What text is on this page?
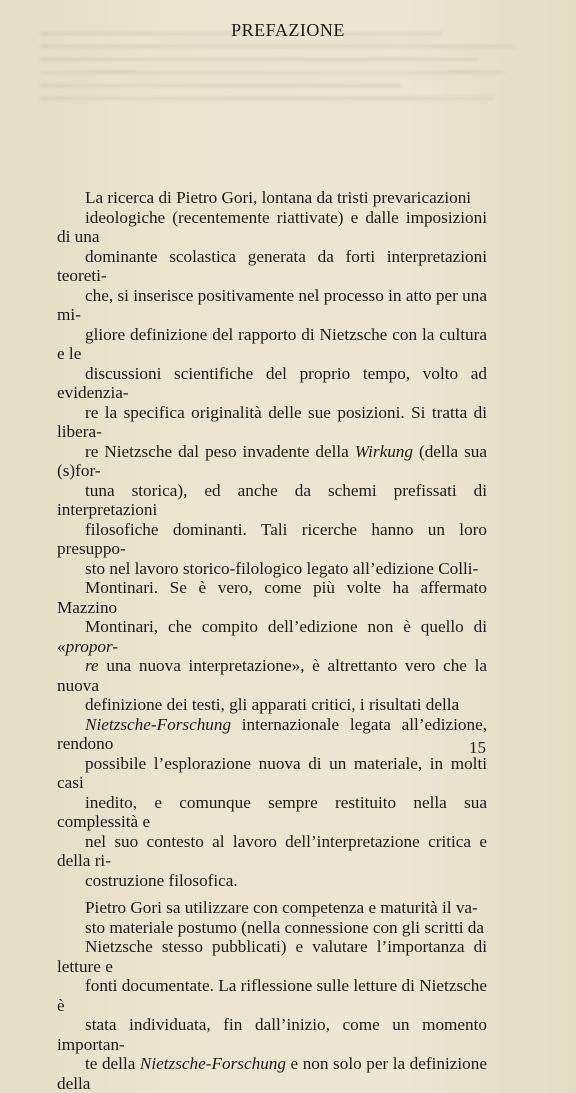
PREFAZIONE

La ricerca di Pietro Gori, lontana da tristi prevaricazioni
ideologiche (recentemente riattivate) e dalle imposizioni di una
dominante scolastica generata da forti interpretazioni teoreti-
che, si inserisce positivamente nel processo in atto per una mi-
gliore definizione del rapporto di Nietzsche con la cultura e le
discussioni scientifiche del proprio tempo, volto ad evidenzia-
re la specifica originalità delle sue posizioni. Si tratta di libera-
re Nietzsche dal peso invadente della Wirkung (della sua (s)for-
tuna storica), ed anche da schemi prefissati di interpretazioni
filosofiche dominanti. Tali ricerche hanno un loro presuppo-
sto nel lavoro storico-filologico legato all’edizione Colli-
Montinari. Se è vero, come più volte ha affermato Mazzino
Montinari, che compito dell’edizione non è quello di «propor-
re una nuova interpretazione», è altrettanto vero che la nuova
definizione dei testi, gli apparati critici, i risultati della
Nietzsche-Forschung internazionale legata all’edizione, rendono
possibile l’esplorazione nuova di un materiale, in molti casi
inedito, e comunque sempre restituito nella sua complessità e
nel suo contesto al lavoro dell’interpretazione critica e della ri-
costruzione filosofica.

Pietro Gori sa utilizzare con competenza e maturità il va-
sto materiale postumo (nella connessione con gli scritti da
Nietzsche stesso pubblicati) e valutare l’importanza di letture e
fonti documentate. La riflessione sulle letture di Nietzsche è
stata individuata, fin dall’inizio, come un momento importan-
te della Nietzsche-Forschung e non solo per la definizione della

15
